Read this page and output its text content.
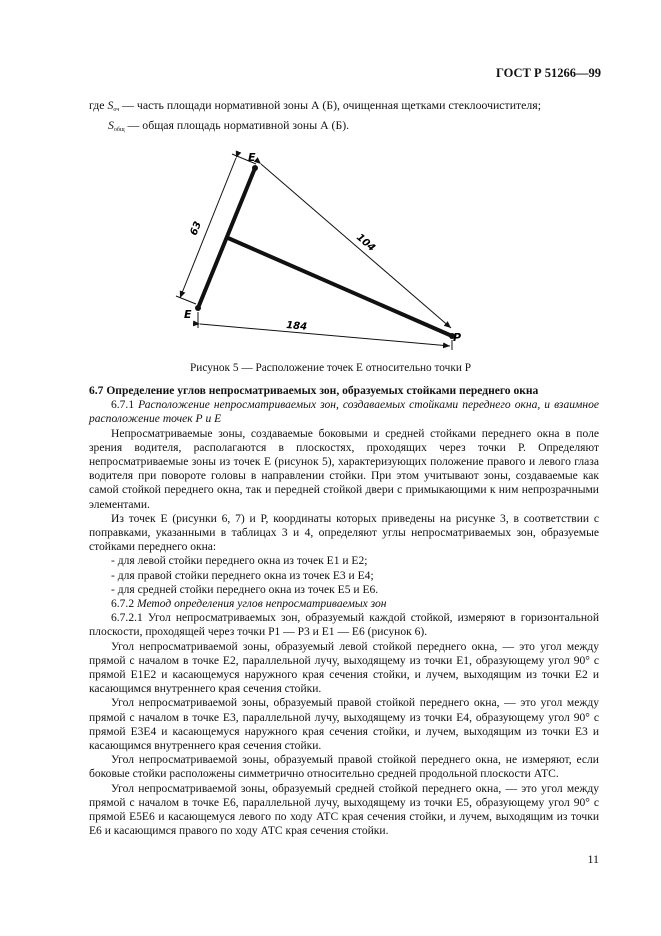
ГОСТ Р 51266—99
где $S_{оч}$ — часть площади нормативной зоны А (Б), очищенная щетками стеклоочистителя;
$S_{общ}$ — общая площадь нормативной зоны А (Б).
E
E
P
63
104
184
Рисунок 5 — Расположение точек E относительно точки P

6.7 Определение углов непросматриваемых зон, образуемых стойками переднего окна

6.7.1 Расположение непросматриваемых зон, создаваемых стойками переднего окна, и взаимное расположение точек Р и Е

Непросматриваемые зоны, создаваемые боковыми и средней стойками переднего окна в поле зрения водителя, располагаются в плоскостях, проходящих через точки Р. Определяют непросматриваемые зоны из точек Е (рисунок 5), характеризующих положение правого и левого глаза водителя при повороте головы в направлении стойки. При этом учитывают зоны, создаваемые как самой стойкой переднего окна, так и передней стойкой двери с примыкающими к ним непрозрачными элементами.

Из точек Е (рисунки 6, 7) и Р, координаты которых приведены на рисунке 3, в соответствии с поправками, указанными в таблицах 3 и 4, определяют углы непросматриваемых зон, образуемые стойками переднего окна:

- для левой стойки переднего окна из точек E1 и E2;

- для правой стойки переднего окна из точек E3 и E4;

- для средней стойки переднего окна из точек E5 и E6.

6.7.2 Метод определения углов непросматриваемых зон

6.7.2.1 Угол непросматриваемых зон, образуемый каждой стойкой, измеряют в горизонтальной плоскости, проходящей через точки Р1 — Р3 и Е1 — Е6 (рисунок 6).

Угол непросматриваемой зоны, образуемый левой стойкой переднего окна, — это угол между прямой с началом в точке Е2, параллельной лучу, выходящему из точки Е1, образующему угол 90° с прямой Е1Е2 и касающемуся наружного края сечения стойки, и лучем, выходящим из точки Е2 и касающимся внутреннего края сечения стойки.

Угол непросматриваемой зоны, образуемый правой стойкой переднего окна, — это угол между прямой с началом в точке Е3, параллельной лучу, выходящему из точки Е4, образующему угол 90° с прямой Е3Е4 и касающемуся наружного края сечения стойки, и лучем, выходящим из точки Е3 и касающимся внутреннего края сечения стойки.

Угол непросматриваемой зоны, образуемый правой стойкой переднего окна, не измеряют, если боковые стойки расположены симметрично относительно средней продольной плоскости АТС.

Угол непросматриваемой зоны, образуемый средней стойкой переднего окна, — это угол между прямой с началом в точке Е6, параллельной лучу, выходящему из точки Е5, образующему угол 90° с прямой Е5Е6 и касающемуся левого по ходу АТС края сечения стойки, и лучем, выходящим из точки Е6 и касающимся правого по ходу АТС края сечения стойки.

11
